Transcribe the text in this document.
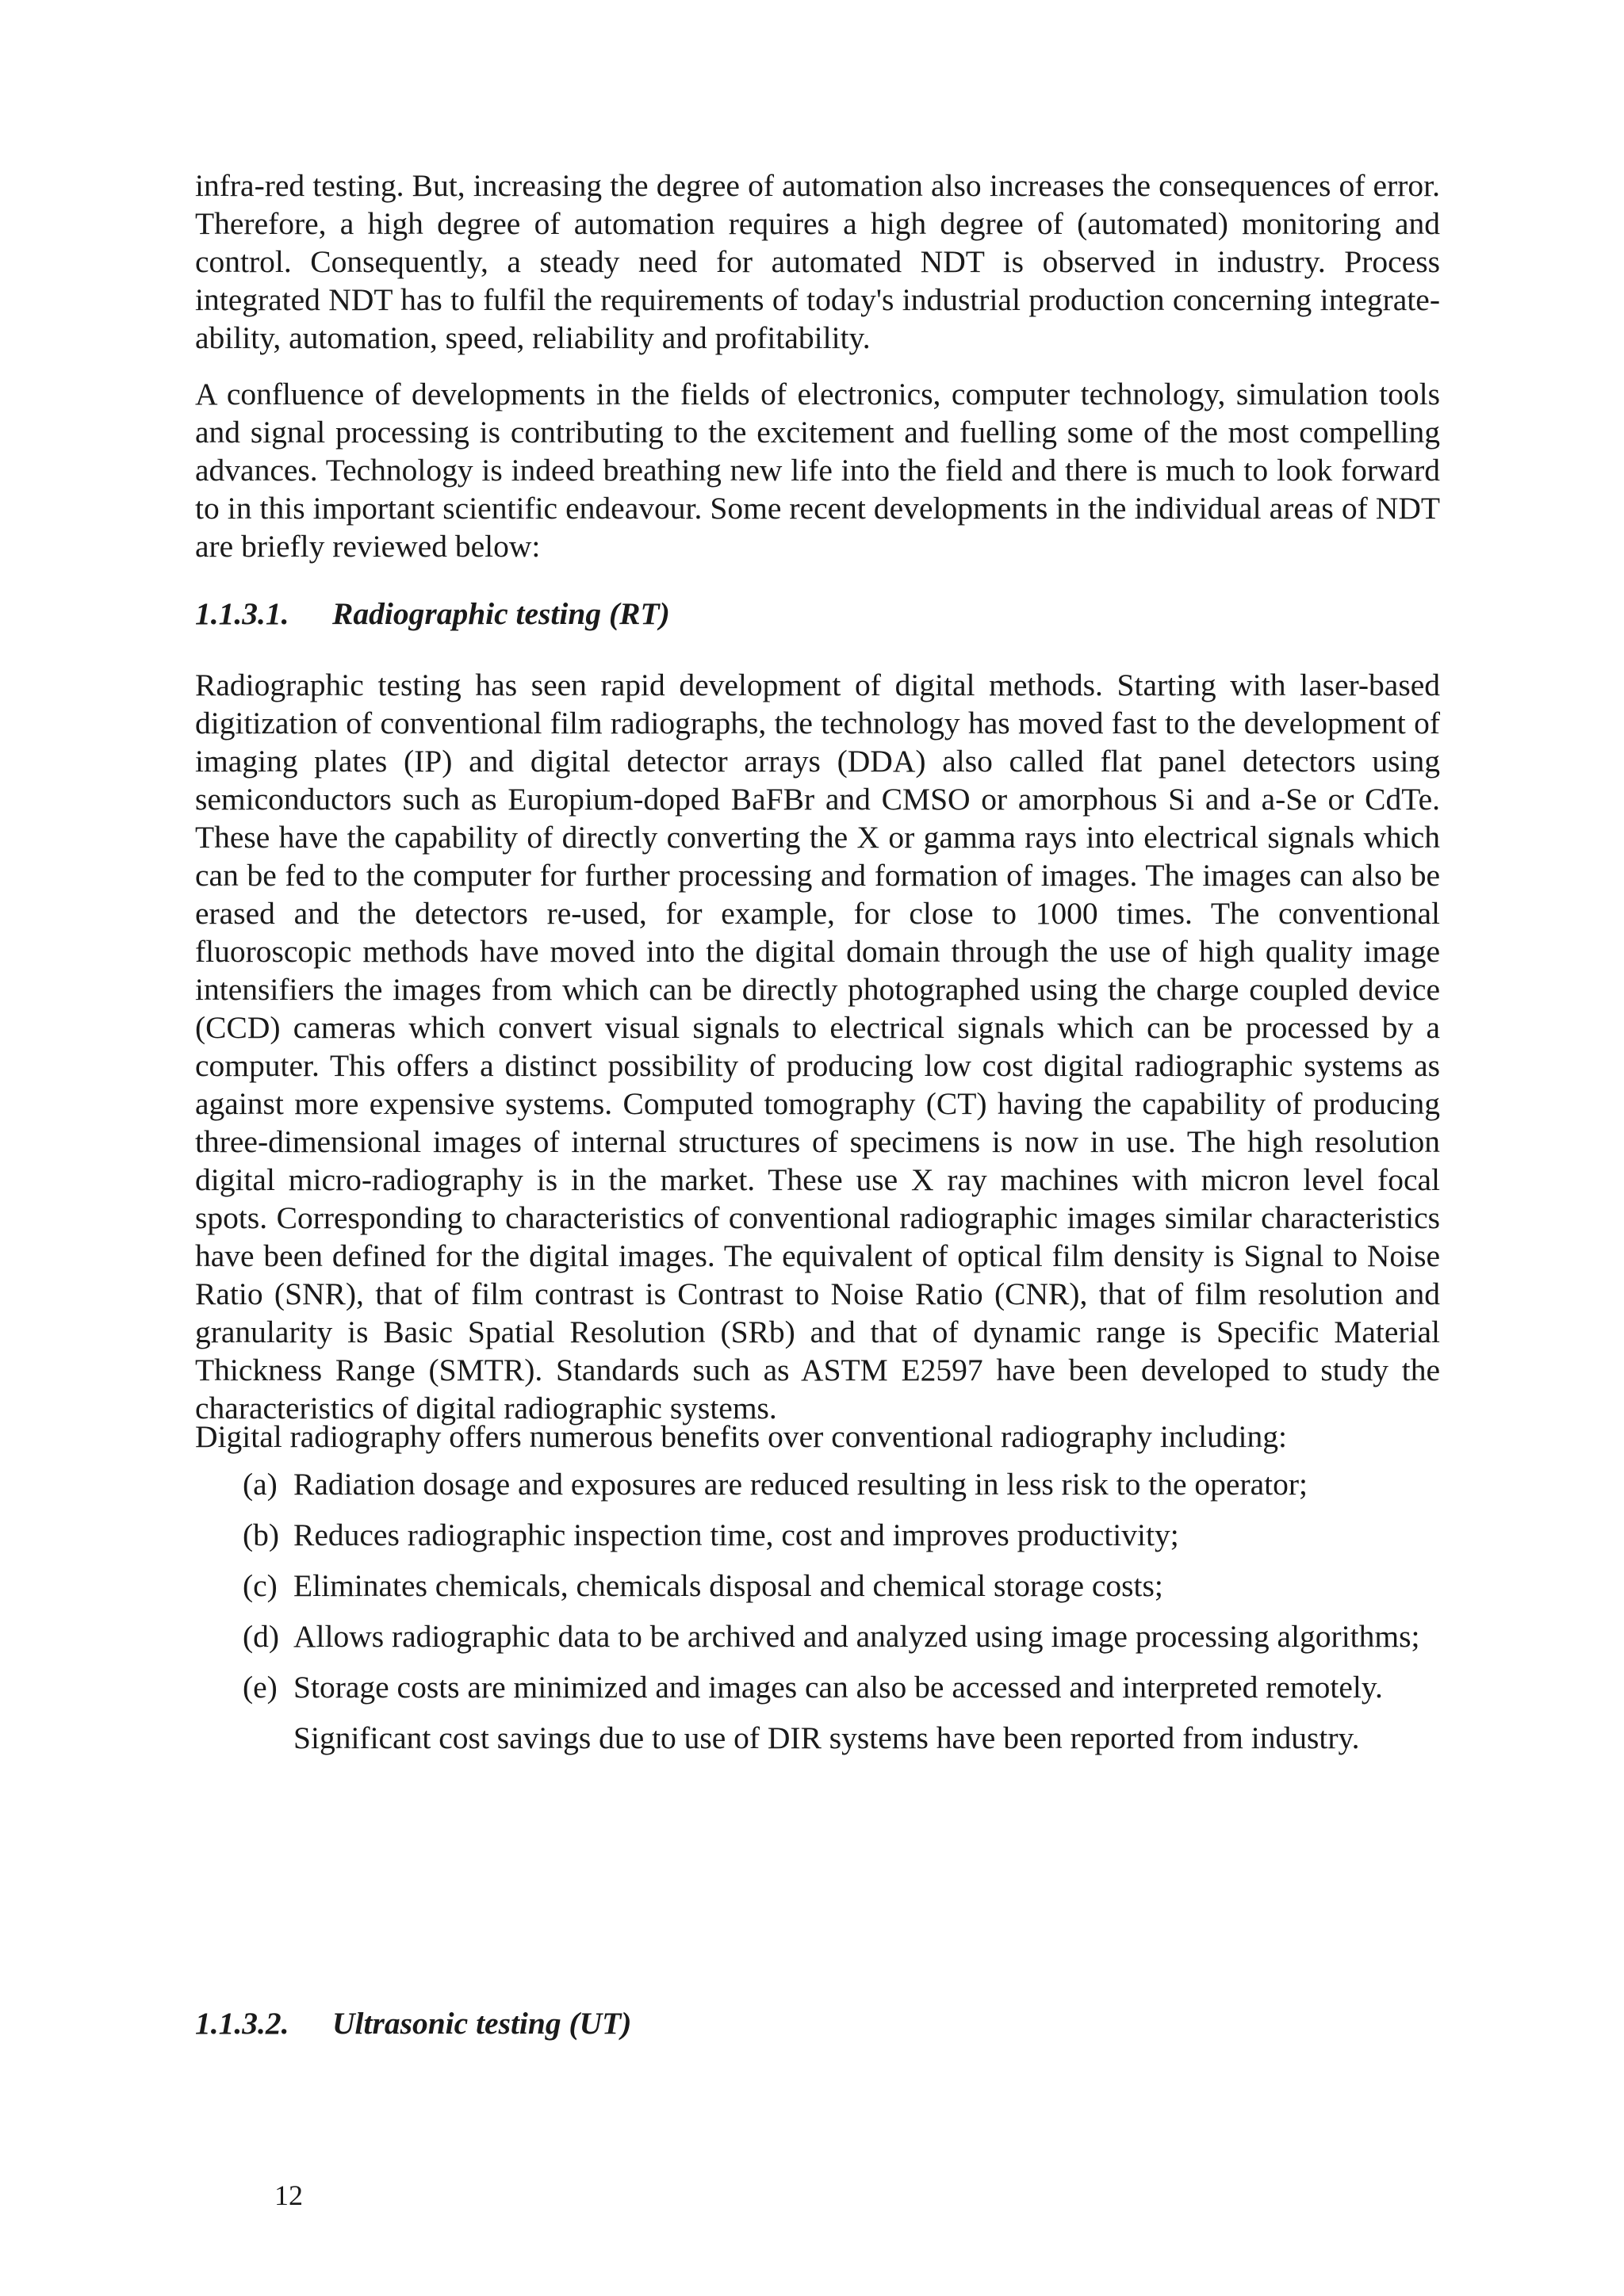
infra-red testing. But, increasing the degree of automation also increases the consequences of error. Therefore, a high degree of automation requires a high degree of (automated) monitoring and control. Consequently, a steady need for automated NDT is observed in industry. Process integrated NDT has to fulfil the requirements of today's industrial production concerning integrate-ability, automation, speed, reliability and profitability.

A confluence of developments in the fields of electronics, computer technology, simulation tools and signal processing is contributing to the excitement and fuelling some of the most compelling advances. Technology is indeed breathing new life into the field and there is much to look forward to in this important scientific endeavour. Some recent developments in the individual areas of NDT are briefly reviewed below:

1.1.3.1. Radiographic testing (RT)

Radiographic testing has seen rapid development of digital methods. Starting with laser-based digitization of conventional film radiographs, the technology has moved fast to the development of imaging plates (IP) and digital detector arrays (DDA) also called flat panel detectors using semiconductors such as Europium-doped BaFBr and CMSO or amorphous Si and a-Se or CdTe. These have the capability of directly converting the X or gamma rays into electrical signals which can be fed to the computer for further processing and formation of images. The images can also be erased and the detectors re-used, for example, for close to 1000 times. The conventional fluoroscopic methods have moved into the digital domain through the use of high quality image intensifiers the images from which can be directly photographed using the charge coupled device (CCD) cameras which convert visual signals to electrical signals which can be processed by a computer. This offers a distinct possibility of producing low cost digital radiographic systems as against more expensive systems. Computed tomography (CT) having the capability of producing three-dimensional images of internal structures of specimens is now in use. The high resolution digital micro-radiography is in the market. These use X ray machines with micron level focal spots. Corresponding to characteristics of conventional radiographic images similar characteristics have been defined for the digital images. The equivalent of optical film density is Signal to Noise Ratio (SNR), that of film contrast is Contrast to Noise Ratio (CNR), that of film resolution and granularity is Basic Spatial Resolution (SRb) and that of dynamic range is Specific Material Thickness Range (SMTR). Standards such as ASTM E2597 have been developed to study the characteristics of digital radiographic systems.

Digital radiography offers numerous benefits over conventional radiography including:

(a) Radiation dosage and exposures are reduced resulting in less risk to the operator;
(b) Reduces radiographic inspection time, cost and improves productivity;
(c) Eliminates chemicals, chemicals disposal and chemical storage costs;
(d) Allows radiographic data to be archived and analyzed using image processing algorithms;
(e) Storage costs are minimized and images can also be accessed and interpreted remotely. Significant cost savings due to use of DIR systems have been reported from industry.
1.1.3.2. Ultrasonic testing (UT)

12
